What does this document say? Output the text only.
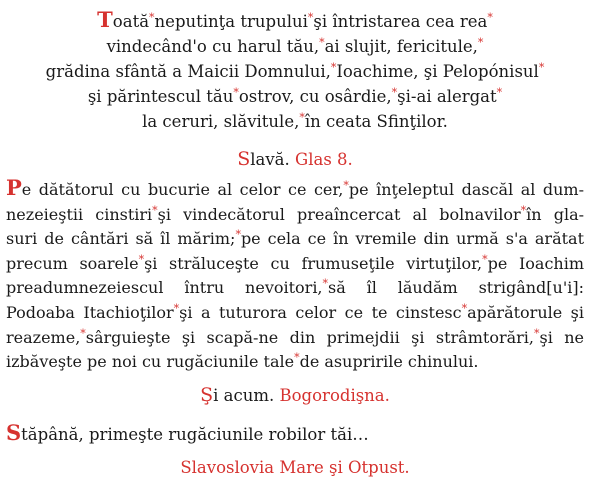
Toată*neputinţa trupului*şi întristarea cea rea*
vindecând'o cu harul tău,*ai slujit, fericitule,*
grădina sfântă a Maicii Domnului,*Ioachime, şi Pelopónisul*
şi părintescul tău*ostrov, cu osârdie,*şi-ai alergat*
la ceruri, slăvitule,*în ceata Sfinţilor.
Slavă. Glas 8.
Pe dătătorul cu bucurie al celor ce cer,*pe înţeleptul dascăl al dum-
nezeieştii cinstiri*şi vindecătorul preaîncercat al bolnavilor*în gla-
suri de cântări să îl mărim;*pe cela ce în vremile din urmă s'a arătat
precum soarele*şi străluceşte cu frumuseţile virtuţilor,*pe Ioachim
preadumnezeiescul întru nevoitori,*să îl lăudăm strigând[u'i]:
Podoaba Itachioţilor*şi a tuturora celor ce te cinstesc*apărătorule şi
reazeme,*sârguieşte şi scapă-ne din primejdii şi strâmtorări,*şi ne
izbăveşte pe noi cu rugăciunile tale*de asupririle chinului.
Şi acum. Bogorodişna.
Stăpână, primeşte rugăciunile robilor tăi…
Slavoslovia Mare şi Otpust.
